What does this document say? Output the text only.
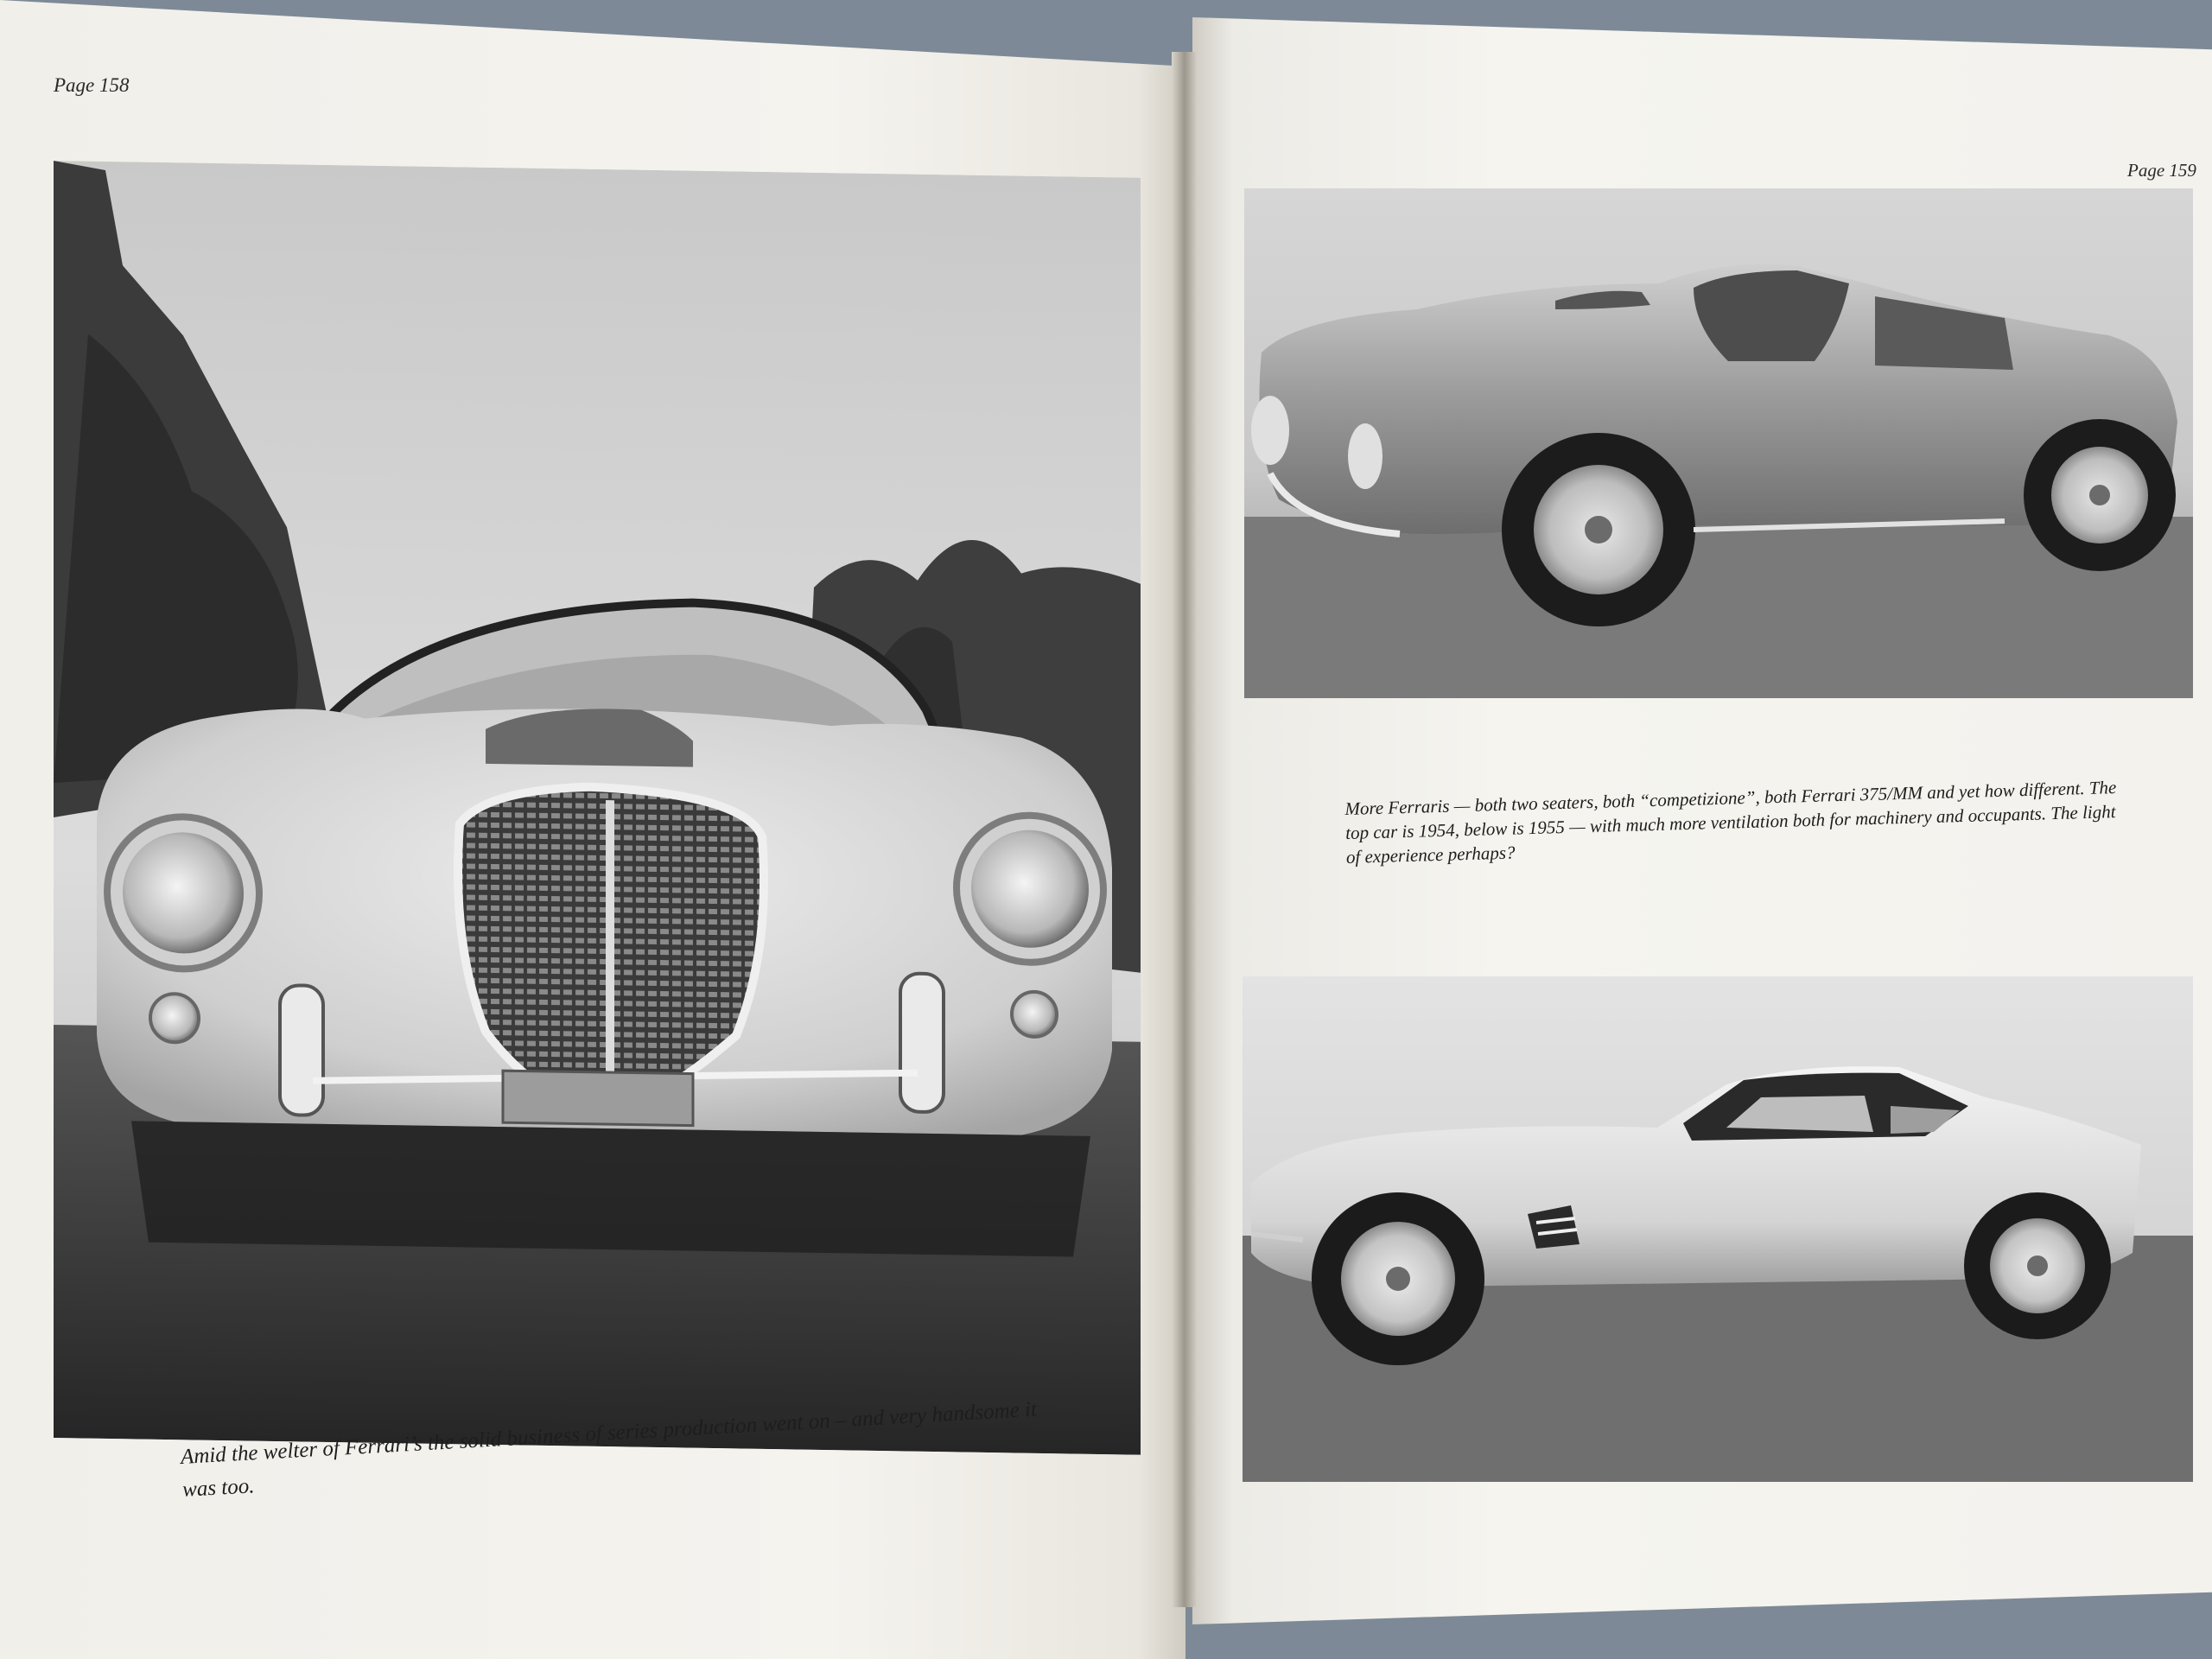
Page 158
Page 159
More Ferraris — both two seaters, both “competizione”, both Ferrari 375/MM and yet how different. The top car is 1954, below is 1955 — with much more ventilation both for machinery and occupants. The light of experience perhaps?
Amid the welter of Ferrari’s the solid business of series production went on – and very handsome it was too.
